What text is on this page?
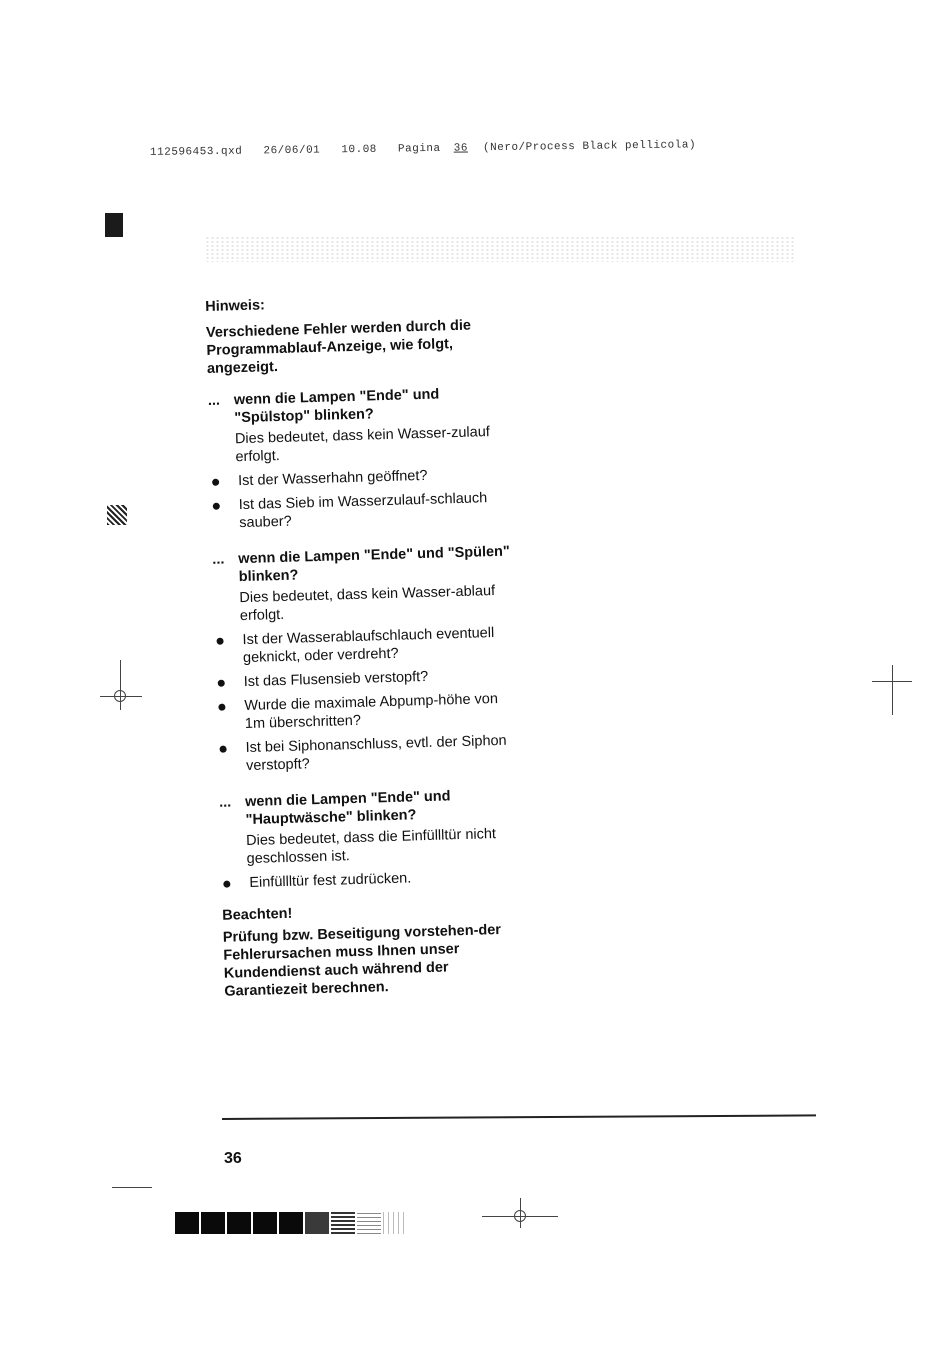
112596453.qxd 26/06/01 10.08 Pagina 36 (Nero/Process Black pellicola)
Hinweis:
Verschiedene Fehler werden durch die Programmablauf-Anzeige, wie folgt, angezeigt.
... wenn die Lampen "Ende" und "Spülstop" blinken?
Dies bedeutet, dass kein Wasser-zulauf erfolgt.
Ist der Wasserhahn geöffnet?
Ist das Sieb im Wasserzulauf-schlauch sauber?
... wenn die Lampen "Ende" und "Spülen" blinken?
Dies bedeutet, dass kein Wasser-ablauf erfolgt.
Ist der Wasserablaufschlauch eventuell geknickt, oder verdreht?
Ist das Flusensieb verstopft?
Wurde die maximale Abpump-höhe von 1m überschritten?
Ist bei Siphonanschluss, evtl. der Siphon verstopft?
... wenn die Lampen "Ende" und "Hauptwäsche" blinken?
Dies bedeutet, dass die Einfüllltür nicht geschlossen ist.
Einfüllltür fest zudrücken.
Beachten!
Prüfung bzw. Beseitigung vorstehen-der Fehlerursachen muss Ihnen unser Kundendienst auch während der Garantiezeit berechnen.
36
